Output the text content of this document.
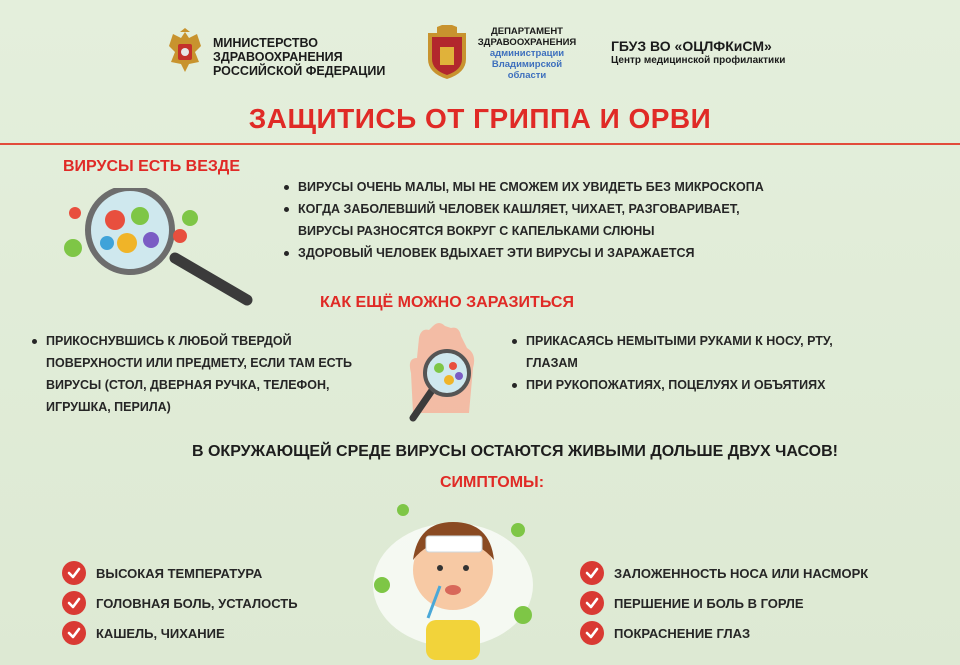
МИНИСТЕРСТВО
ЗДРАВООХРАНЕНИЯ
РОССИЙСКОЙ ФЕДЕРАЦИИ
ДЕПАРТАМЕНТ
ЗДРАВООХРАНЕНИЯ
администрации
Владимирской
области
ГБУЗ ВО «ОЦЛФКиСМ»
Центр медицинской профилактики
ЗАЩИТИСЬ ОТ ГРИППА И ОРВИ
ВИРУСЫ ЕСТЬ ВЕЗДЕ
ВИРУСЫ ОЧЕНЬ МАЛЫ, МЫ НЕ СМОЖЕМ ИХ УВИДЕТЬ БЕЗ МИКРОСКОПА
КОГДА ЗАБОЛЕВШИЙ ЧЕЛОВЕК КАШЛЯЕТ, ЧИХАЕТ, РАЗГОВАРИВАЕТ,
ВИРУСЫ РАЗНОСЯТСЯ ВОКРУГ С КАПЕЛЬКАМИ СЛЮНЫ
ЗДОРОВЫЙ ЧЕЛОВЕК ВДЫХАЕТ ЭТИ ВИРУСЫ И ЗАРАЖАЕТСЯ
КАК ЕЩЁ МОЖНО ЗАРАЗИТЬСЯ
ПРИКОСНУВШИСЬ К ЛЮБОЙ ТВЕРДОЙ
ПОВЕРХНОСТИ ИЛИ ПРЕДМЕТУ, ЕСЛИ ТАМ ЕСТЬ
ВИРУСЫ (СТОЛ, ДВЕРНАЯ РУЧКА, ТЕЛЕФОН,
ИГРУШКА, ПЕРИЛА)
ПРИКАСАЯСЬ НЕМЫТЫМИ РУКАМИ К НОСУ, РТУ,
ГЛАЗАМ
ПРИ РУКОПОЖАТИЯХ, ПОЦЕЛУЯХ И ОБЪЯТИЯХ
В ОКРУЖАЮЩЕЙ СРЕДЕ ВИРУСЫ ОСТАЮТСЯ ЖИВЫМИ ДОЛЬШЕ ДВУХ ЧАСОВ!
СИМПТОМЫ:
ВЫСОКАЯ ТЕМПЕРАТУРА
ГОЛОВНАЯ БОЛЬ, УСТАЛОСТЬ
КАШЕЛЬ, ЧИХАНИЕ
ЗАЛОЖЕННОСТЬ НОСА ИЛИ НАСМОРК
ПЕРШЕНИЕ И БОЛЬ В ГОРЛЕ
ПОКРАСНЕНИЕ ГЛАЗ
